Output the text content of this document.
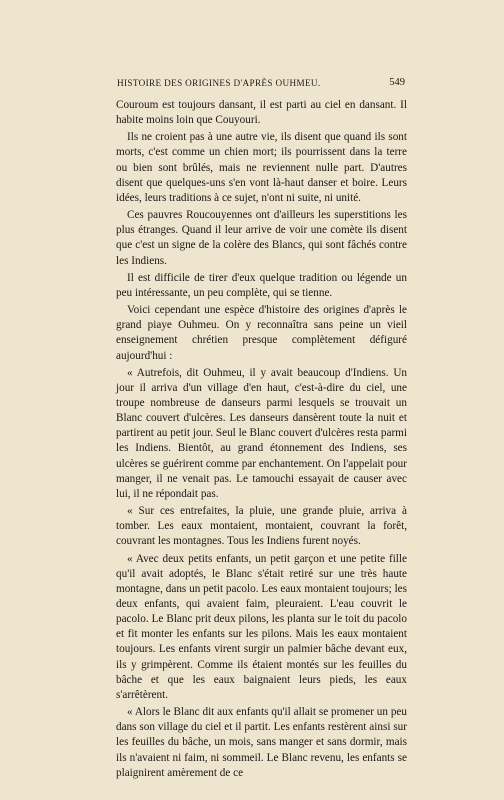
HISTOIRE DES ORIGINES D'APRÈS OUHMEU.	549

Couroum est toujours dansant, il est parti au ciel en dansant. Il habite moins loin que Couyouri.

Ils ne croient pas à une autre vie, ils disent que quand ils sont morts, c'est comme un chien mort; ils pourrissent dans la terre ou bien sont brûlés, mais ne reviennent nulle part. D'autres disent que quelques-uns s'en vont là-haut danser et boire. Leurs idées, leurs traditions à ce sujet, n'ont ni suite, ni unité.

Ces pauvres Roucouyennes ont d'ailleurs les superstitions les plus étranges. Quand il leur arrive de voir une comète ils disent que c'est un signe de la colère des Blancs, qui sont fâchés contre les Indiens.

Il est difficile de tirer d'eux quelque tradition ou légende un peu intéressante, un peu complète, qui se tienne.

Voici cependant une espèce d'histoire des origines d'après le grand piaye Ouhmeu. On y reconnaîtra sans peine un vieil enseignement chrétien presque complètement défiguré aujourd'hui :

« Autrefois, dit Ouhmeu, il y avait beaucoup d'Indiens. Un jour il arriva d'un village d'en haut, c'est-à-dire du ciel, une troupe nombreuse de danseurs parmi lesquels se trouvait un Blanc couvert d'ulcères. Les danseurs dansèrent toute la nuit et partirent au petit jour. Seul le Blanc couvert d'ulcères resta parmi les Indiens. Bientôt, au grand étonnement des Indiens, ses ulcères se guérirent comme par enchantement. On l'appelait pour manger, il ne venait pas. Le tamouchi essayait de causer avec lui, il ne répondait pas.

« Sur ces entrefaites, la pluie, une grande pluie, arriva à tomber. Les eaux montaient, montaient, couvrant la forêt, couvrant les montagnes. Tous les Indiens furent noyés.

« Avec deux petits enfants, un petit garçon et une petite fille qu'il avait adoptés, le Blanc s'était retiré sur une très haute montagne, dans un petit pacolo. Les eaux montaient toujours; les deux enfants, qui avaient faim, pleuraient. L'eau couvrit le pacolo. Le Blanc prit deux pilons, les planta sur le toit du pacolo et fit monter les enfants sur les pilons. Mais les eaux montaient toujours. Les enfants virent surgir un palmier bâche devant eux, ils y grimpèrent. Comme ils étaient montés sur les feuilles du bâche et que les eaux baignaient leurs pieds, les eaux s'arrêtèrent.

« Alors le Blanc dit aux enfants qu'il allait se promener un peu dans son village du ciel et il partit. Les enfants restèrent ainsi sur les feuilles du bâche, un mois, sans manger et sans dormir, mais ils n'avaient ni faim, ni sommeil. Le Blanc revenu, les enfants se plaignirent amèrement de ce
